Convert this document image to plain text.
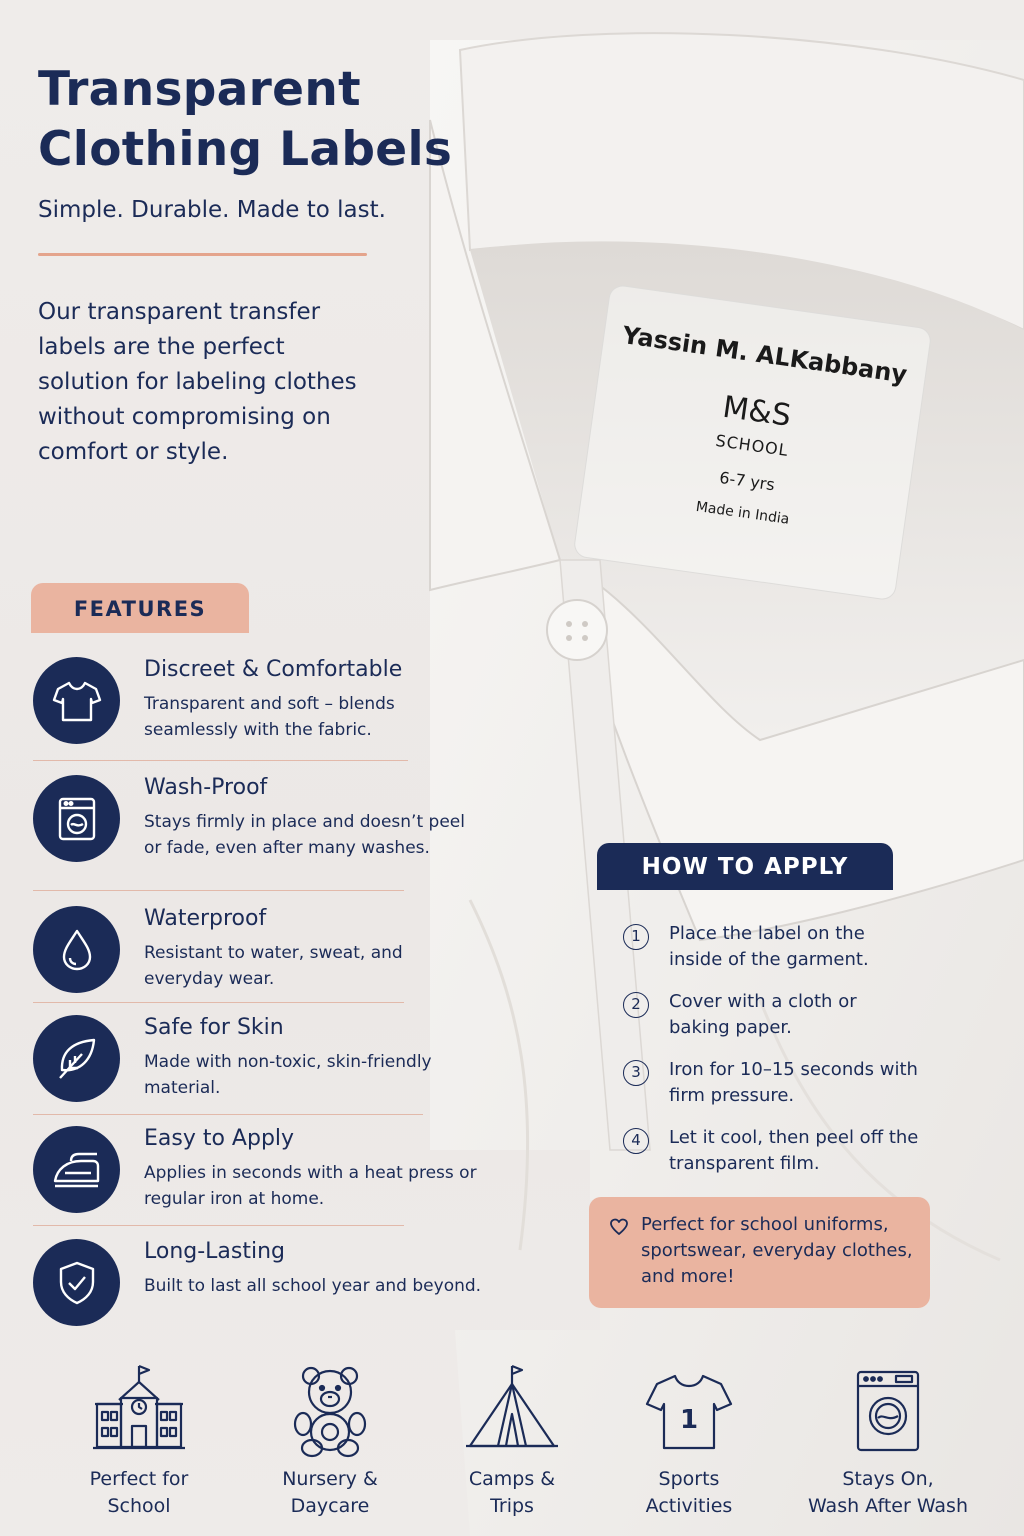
Transparent
Clothing Labels
Simple. Durable. Made to last.
Our transparent transfer labels are the perfect solution for labeling clothes without compromising on comfort or style.
Yassin M. ALKabbany
M&S
SCHOOL
6-7 yrs
Made in India
FEATURES
Discreet & Comfortable
Transparent and soft – blends seamlessly with the fabric.
Wash-Proof
Stays firmly in place and doesn’t peel or fade, even after many washes.
Waterproof
Resistant to water, sweat, and everyday wear.
Safe for Skin
Made with non-toxic, skin-friendly material.
Easy to Apply
Applies in seconds with a heat press or regular iron at home.
Long-Lasting
Built to last all school year and beyond.
HOW TO APPLY
1	Place the label on the inside of the garment.
2	Cover with a cloth or baking paper.
3	Iron for 10–15 seconds with firm pressure.
4	Let it cool, then peel off the transparent film.
Perfect for school uniforms, sportswear, everyday clothes, and more!
Perfect for
School
Nursery &
Daycare
Camps &
Trips
1
Sports
Activities
Stays On,
Wash After Wash
